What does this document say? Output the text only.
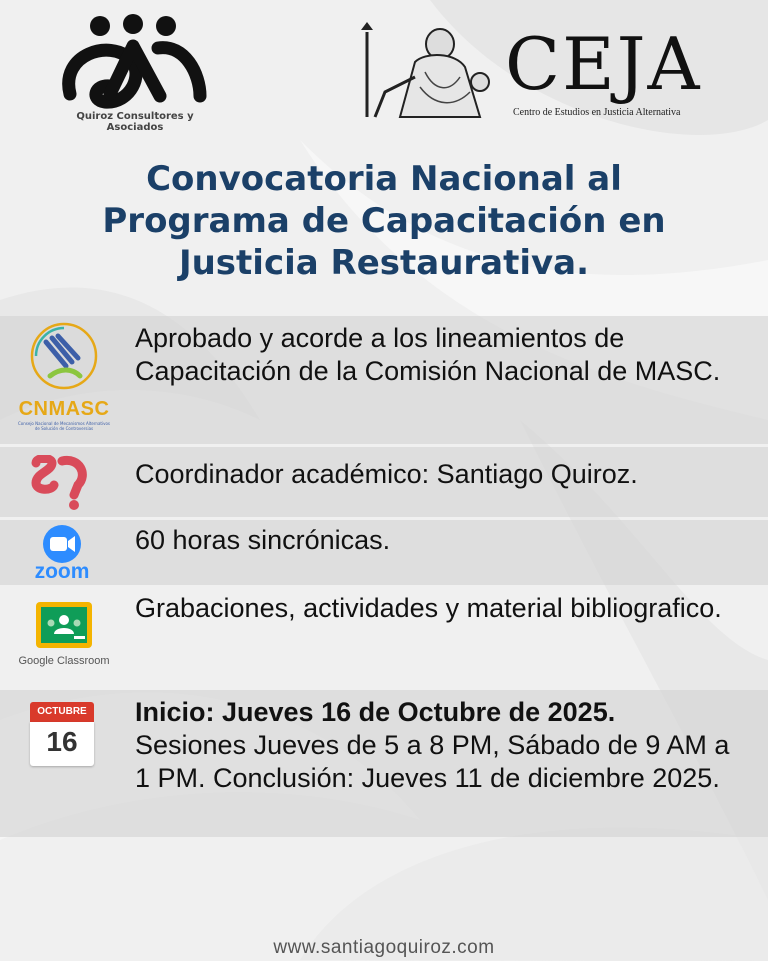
Quiroz Consultores y Asociados
CEJA
Centro de Estudios en Justicia Alternativa
Convocatoria Nacional al
Programa de Capacitación en
Justicia Restaurativa.
CNMASC
Consejo Nacional de Mecanismos Alternativos
de Solución de Controversias
Aprobado y acorde a los lineamientos de Capacitación de la Comisión Nacional de MASC.
Coordinador académico: Santiago Quiroz.
zoom
60 horas sincrónicas.
Google Classroom
Grabaciones, actividades y material bibliografico.
OCTUBRE
16
Inicio: Jueves 16 de Octubre de 2025.
Sesiones Jueves de 5 a 8 PM, Sábado de 9 AM a 1 PM. Conclusión: Jueves 11 de diciembre 2025.
www.santiagoquiroz.com
